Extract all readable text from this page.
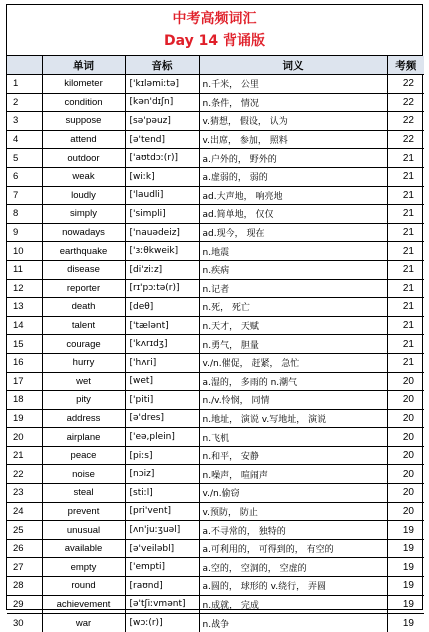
中考高频词汇
Day 14 背诵版
	单词	音标	词义	考频
1	kilometer	['kɪləmiːtə]	n.千米， 公里	22
2	condition	[kən'dɪʃn]	n.条件， 情况	22
3	suppose	[sə'pəuz]	v.猜想， 假设， 认为	22
4	attend	[ə'tend]	v.出席， 参加， 照料	22
5	outdoor	['aʊtdɔː(r)]	a.户外的， 野外的	21
6	weak	[wiːk]	a.虚弱的， 弱的	21
7	loudly	['laudli]	ad.大声地， 响亮地	21
8	simply	['simpli]	ad.简单地， 仅仅	21
9	nowadays	['nauədeiz]	ad.现今， 现在	21
10	earthquake	['ɜːθkweik]	n.地震	21
11	disease	[di'ziːz]	n.疾病	21
12	reporter	[rɪ'pɔːtə(r)]	n.记者	21
13	death	[deθ]	n.死， 死亡	21
14	talent	['tælənt]	n.天才， 天赋	21
15	courage	['kʌrɪdʒ]	n.勇气， 胆量	21
16	hurry	['hʌri]	v./n.催促， 赶紧， 急忙	21
17	wet	[wet]	a.湿的， 多雨的 n.潮气	20
18	pity	['piti]	n./v.怜悯， 同情	20
19	address	[ə'dres]	n.地址， 演说 v.写地址， 演说	20
20	airplane	['eə,plein]	n.飞机	20
21	peace	[piːs]	n.和平， 安静	20
22	noise	[nɔiz]	n.噪声， 喧闹声	20
23	steal	[stiːl]	v./n.偷窃	20
24	prevent	[pri'vent]	v.预防， 防止	20
25	unusual	[ʌn'juːʒuəl]	a.不寻常的， 独特的	19
26	available	[ə'veiləbl]	a.可利用的， 可得到的， 有空的	19
27	empty	['empti]	a.空的， 空洞的， 空虚的	19
28	round	[raʊnd]	a.圆的， 球形的 v.绕行， 弄圆	19
29	achievement	[ə'tʃiːvmənt]	n.成就， 完成	19
30	war	[wɔː(r)]	n.战争	19
